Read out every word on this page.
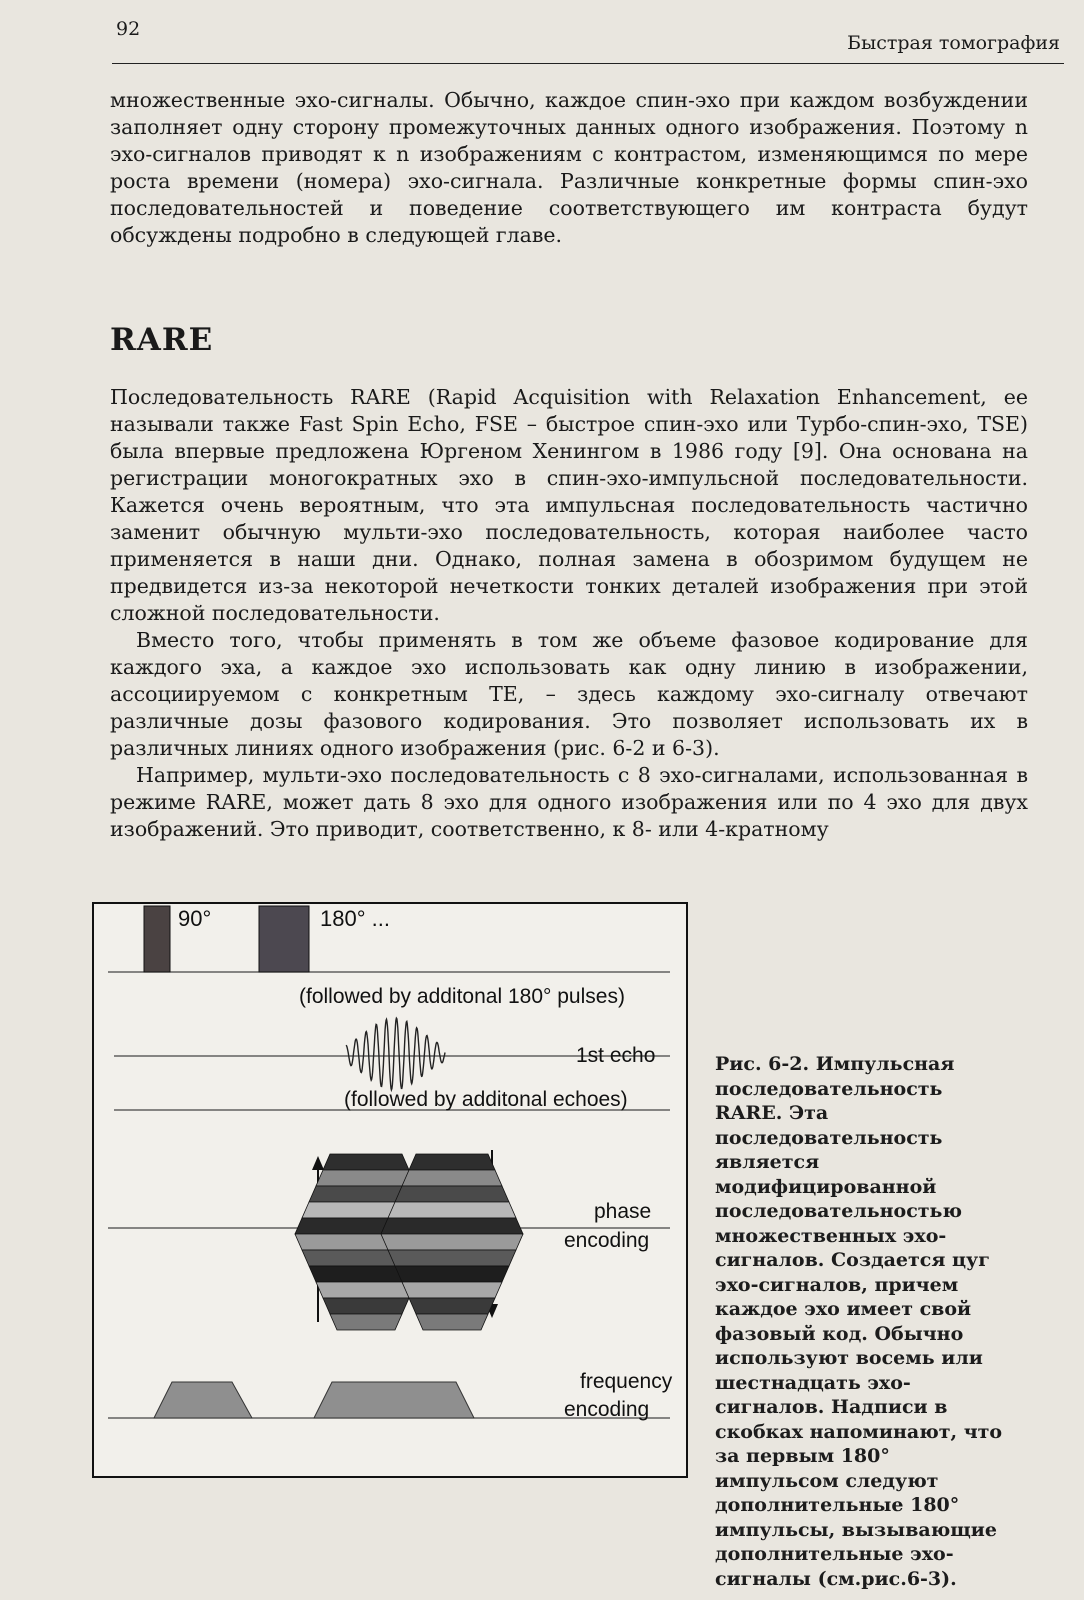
92
Быстрая томография

множественные эхо-сигналы. Обычно, каждое спин-эхо при каждом возбуждении заполняет одну сторону промежуточных данных одного изображения. Поэтому n эхо-сигналов приводят к n изображениям с контрастом, изменяющимся по мере роста времени (номера) эхо-сигнала. Различные конкретные формы спин-эхо последовательностей и поведение соответствующего им контраста будут обсуждены подробно в следующей главе.

RARE

Последовательность RARE (Rapid Acquisition with Relaxation Enhancement, ее называли также Fast Spin Echo, FSE – быстрое спин-эхо или Турбо-спин-эхо, TSE) была впервые предложена Юргеном Хенингом в 1986 году [9]. Она основана на регистрации моногократных эхо в спин-эхо-импульсной последовательности. Кажется очень вероятным, что эта импульсная последовательность частично заменит обычную мульти-эхо последовательность, которая наиболее часто применяется в наши дни. Однако, полная замена в обозримом будущем не предвидется из-за некоторой нечеткости тонких деталей изображения при этой сложной последовательности.

Вместо того, чтобы применять в том же объеме фазовое кодирование для каждого эха, а каждое эхо использовать как одну линию в изображении, ассоциируемом с конкретным TE, – здесь каждому эхо-сигналу отвечают различные дозы фазового кодирования. Это позволяет использовать их в различных линиях одного изображения (рис. 6-2 и 6-3).

Например, мульти-эхо последовательность с 8 эхо-сигналами, использованная в режиме RARE, может дать 8 эхо для одного изображения или по 4 эхо для двух изображений. Это приводит, соответственно, к 8- или 4-кратному

90°	180° ...
(followed by additonal 180° pulses)
1st echo
(followed by additonal echoes)
phase
encoding
frequency
encoding
Рис. 6-2. Импульсная последовательность RARE. Эта последовательность является модифицированной последовательностью множественных эхо-сигналов. Создается цуг эхо-сигналов, причем каждое эхо имеет свой фазовый код. Обычно используют восемь или шестнадцать эхо-сигналов. Надписи в скобках напоминают, что за первым 180° импульсом следуют дополнительные 180° импульсы, вызывающие дополнительные эхо-сигналы (см.рис.6-3).
